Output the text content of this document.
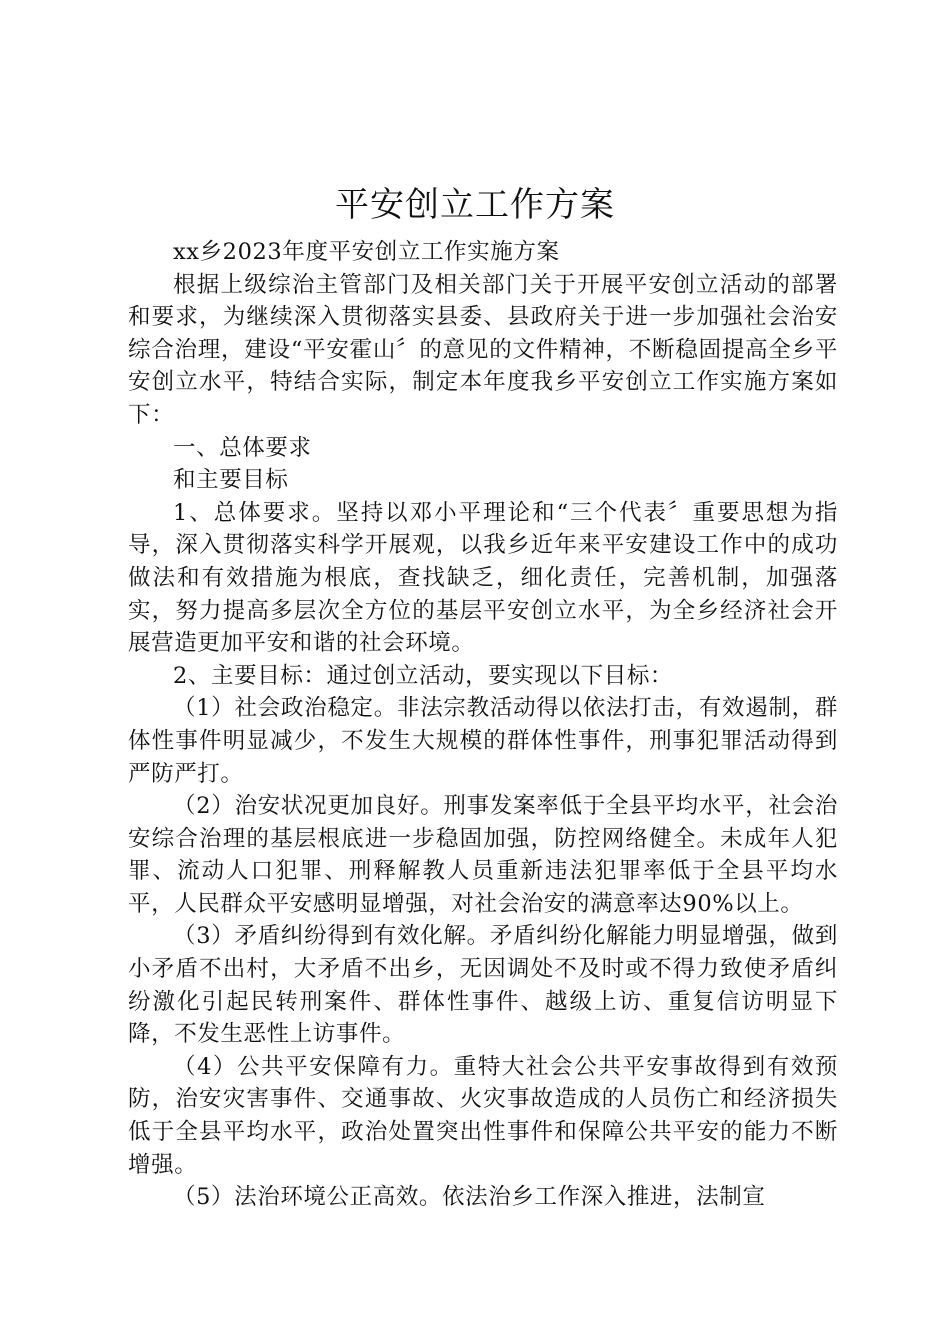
平安创立工作方案

xx乡2023年度平安创立工作实施方案

根据上级综治主管部门及相关部门关于开展平安创立活动的部署和要求，为继续深入贯彻落实县委、县政府关于进一步加强社会治安综合治理，建设“平安霍山〞的意见的文件精神，不断稳固提高全乡平安创立水平，特结合实际，制定本年度我乡平安创立工作实施方案如下：

一、总体要求

和主要目标

1、总体要求。坚持以邓小平理论和“三个代表〞重要思想为指导，深入贯彻落实科学开展观，以我乡近年来平安建设工作中的成功做法和有效措施为根底，查找缺乏，细化责任，完善机制，加强落实，努力提高多层次全方位的基层平安创立水平，为全乡经济社会开展营造更加平安和谐的社会环境。

2、主要目标：通过创立活动，要实现以下目标：

（1）社会政治稳定。非法宗教活动得以依法打击，有效遏制，群体性事件明显减少，不发生大规模的群体性事件，刑事犯罪活动得到严防严打。

（2）治安状况更加良好。刑事发案率低于全县平均水平，社会治安综合治理的基层根底进一步稳固加强，防控网络健全。未成年人犯罪、流动人口犯罪、刑释解教人员重新违法犯罪率低于全县平均水平，人民群众平安感明显增强，对社会治安的满意率达90%以上。

（3）矛盾纠纷得到有效化解。矛盾纠纷化解能力明显增强，做到小矛盾不出村，大矛盾不出乡，无因调处不及时或不得力致使矛盾纠纷激化引起民转刑案件、群体性事件、越级上访、重复信访明显下降，不发生恶性上访事件。

（4）公共平安保障有力。重特大社会公共平安事故得到有效预防，治安灾害事件、交通事故、火灾事故造成的人员伤亡和经济损失低于全县平均水平，政治处置突出性事件和保障公共平安的能力不断增强。

（5）法治环境公正高效。依法治乡工作深入推进，法制宣
